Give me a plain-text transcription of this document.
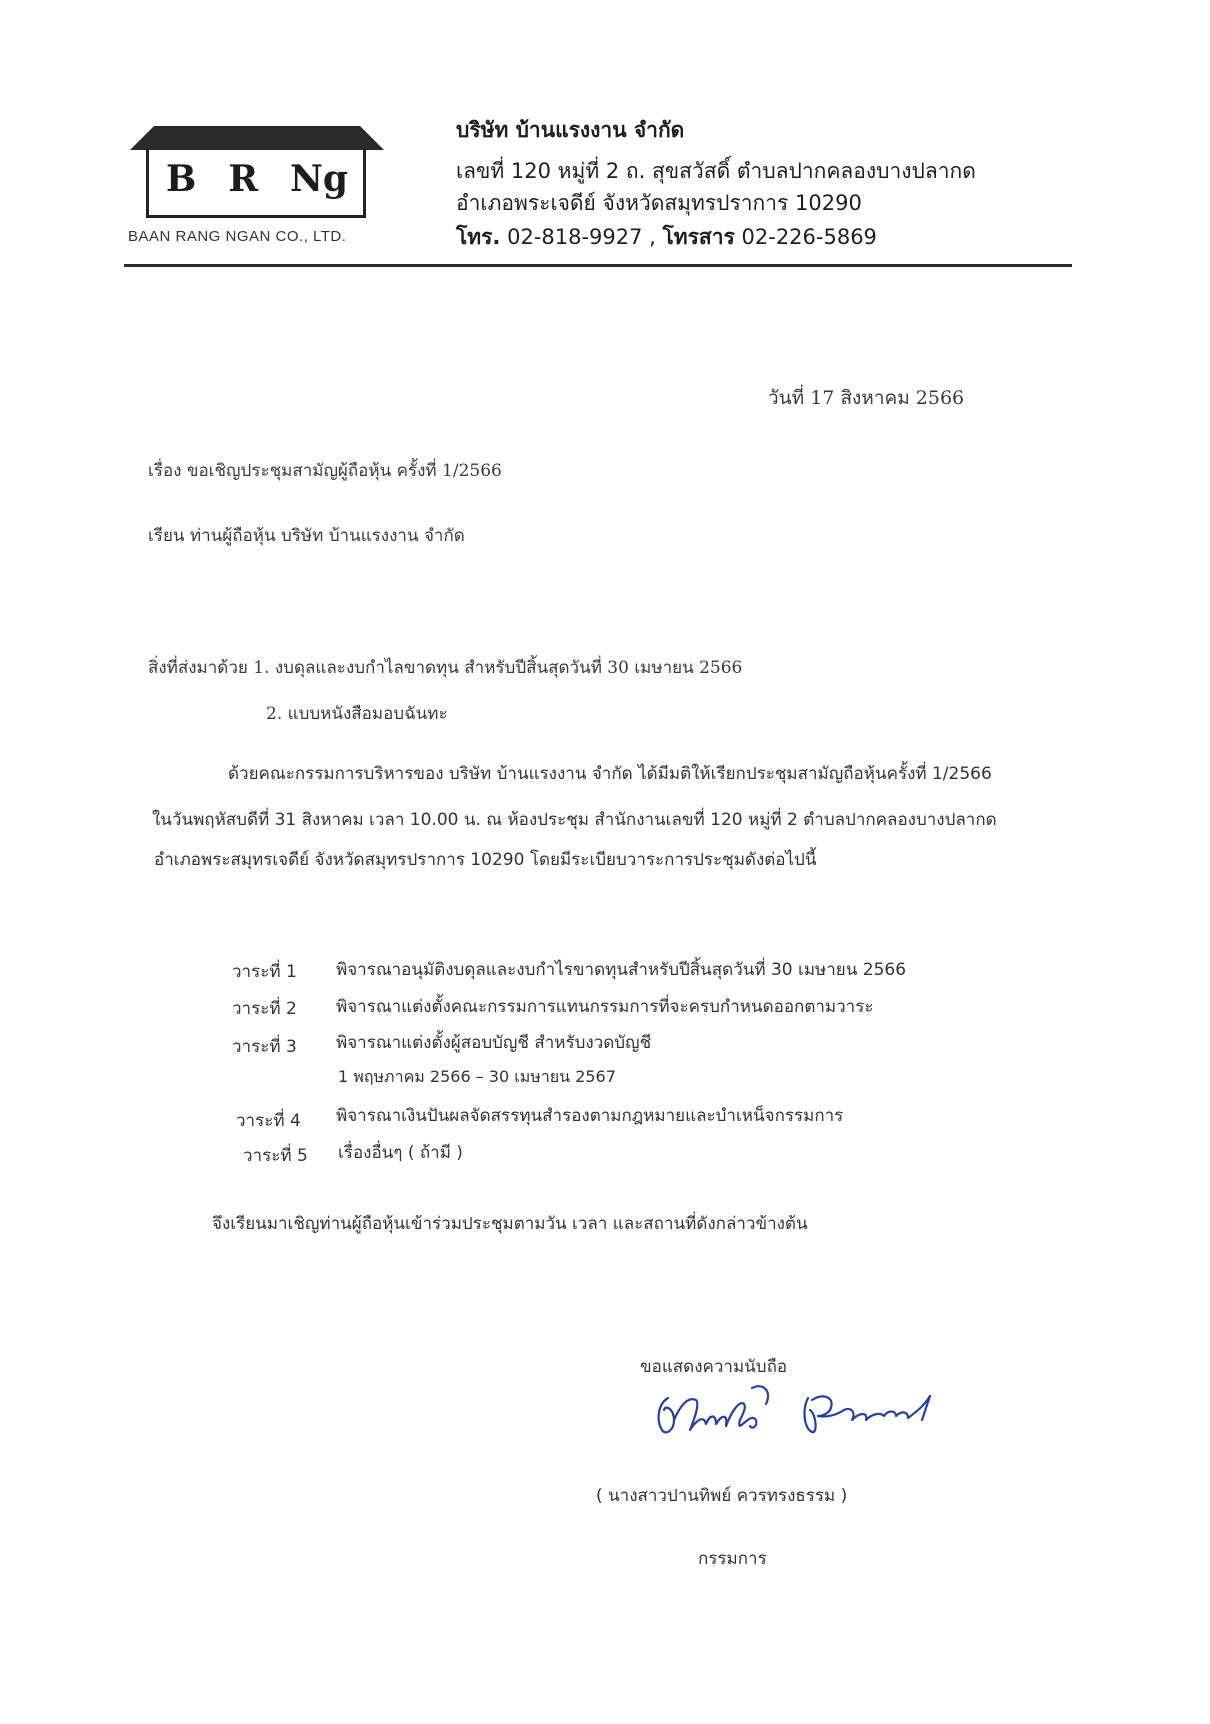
B R Ng
BAAN RANG NGAN CO., LTD.
บริษัท บ้านแรงงาน จำกัด
เลขที่ 120 หมู่ที่ 2 ถ. สุขสวัสดิ์ ตำบลปากคลองบางปลากด
อำเภอพระเจดีย์ จังหวัดสมุทรปราการ 10290
โทร. 02-818-9927 , โทรสาร 02-226-5869
วันที่ 17 สิงหาคม 2566
เรื่อง ขอเชิญประชุมสามัญผู้ถือหุ้น ครั้งที่ 1/2566
เรียน ท่านผู้ถือหุ้น บริษัท บ้านแรงงาน จำกัด
สิ่งที่ส่งมาด้วย 1. งบดุลและงบกำไลขาดทุน สำหรับปีสิ้นสุดวันที่ 30 เมษายน 2566
2. แบบหนังสือมอบฉันทะ
ด้วยคณะกรรมการบริหารของ บริษัท บ้านแรงงาน จำกัด ได้มีมติให้เรียกประชุมสามัญถือหุ้นครั้งที่ 1/2566
ในวันพฤหัสบดีที่ 31 สิงหาคม เวลา 10.00 น. ณ ห้องประชุม สำนักงานเลขที่ 120 หมู่ที่ 2 ตำบลปากคลองบางปลากด
อำเภอพระสมุทรเจดีย์ จังหวัดสมุทรปราการ 10290 โดยมีระเบียบวาระการประชุมดังต่อไปนี้
วาระที่ 1 พิจารณาอนุมัติงบดุลและงบกำไรขาดทุนสำหรับปีสิ้นสุดวันที่ 30 เมษายน 2566
วาระที่ 2 พิจารณาแต่งตั้งคณะกรรมการแทนกรรมการที่จะครบกำหนดออกตามวาระ
วาระที่ 3 พิจารณาแต่งตั้งผู้สอบบัญชี สำหรับงวดบัญชี
1 พฤษภาคม 2566 – 30 เมษายน 2567
วาระที่ 4 พิจารณาเงินปันผลจัดสรรทุนสำรองตามกฎหมายและบำเหน็จกรรมการ
วาระที่ 5 เรื่องอื่นๆ ( ถ้ามี )
จึงเรียนมาเชิญท่านผู้ถือหุ้นเข้าร่วมประชุมตามวัน เวลา และสถานที่ดังกล่าวข้างต้น
ขอแสดงความนับถือ
( นางสาวปานทิพย์ ควรทรงธรรม )
กรรมการ
